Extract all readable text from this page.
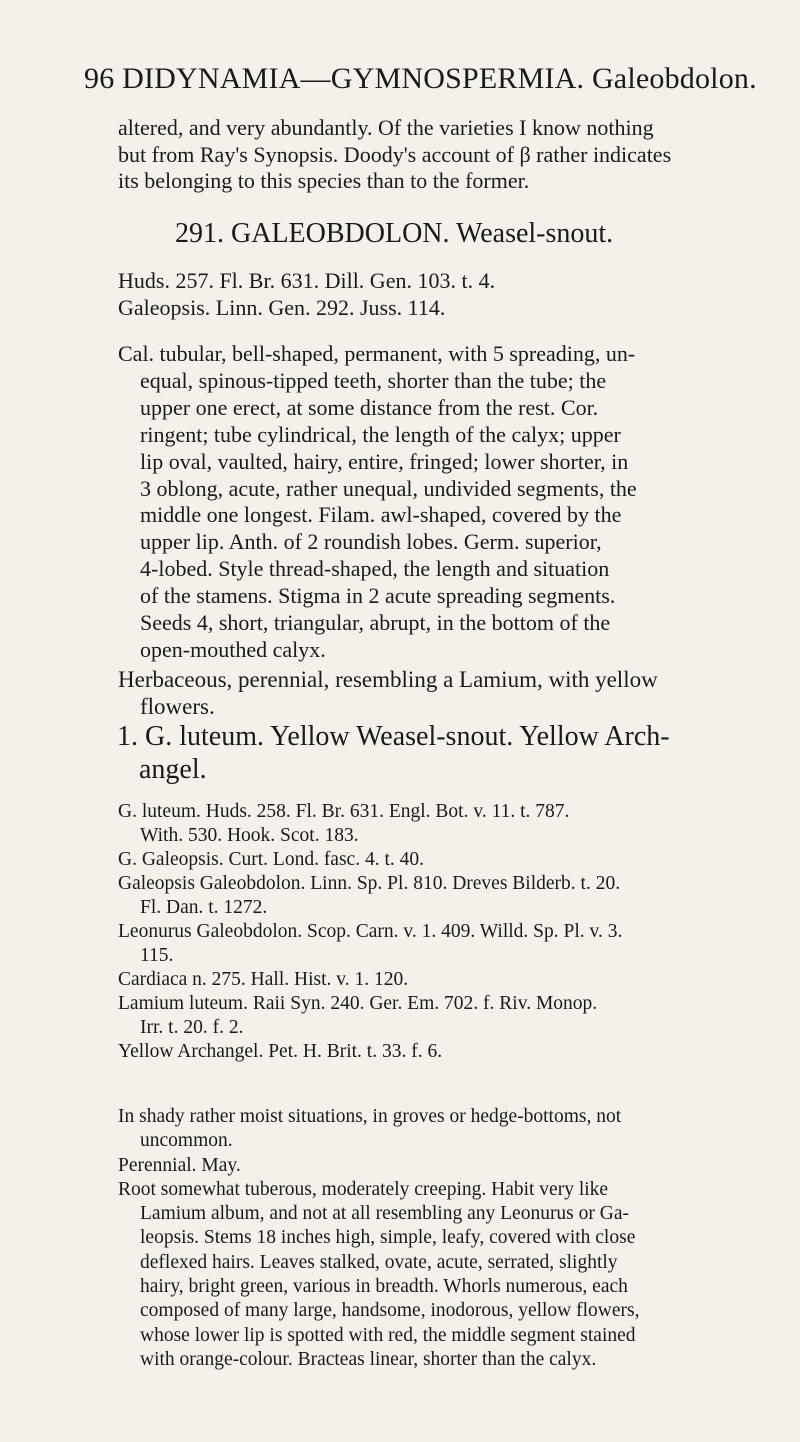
96 DIDYNAMIA—GYMNOSPERMIA. Galeobdolon.
altered, and very abundantly. Of the varieties I know nothing
but from Ray's Synopsis. Doody's account of β rather indicates
its belonging to this species than to the former.
291. GALEOBDOLON. Weasel-snout.
Huds. 257. Fl. Br. 631. Dill. Gen. 103. t. 4.
Galeopsis. Linn. Gen. 292. Juss. 114.
Cal. tubular, bell-shaped, permanent, with 5 spreading, un-
equal, spinous-tipped teeth, shorter than the tube; the
upper one erect, at some distance from the rest. Cor.
ringent; tube cylindrical, the length of the calyx; upper
lip oval, vaulted, hairy, entire, fringed; lower shorter, in
3 oblong, acute, rather unequal, undivided segments, the
middle one longest. Filam. awl-shaped, covered by the
upper lip. Anth. of 2 roundish lobes. Germ. superior,
4-lobed. Style thread-shaped, the length and situation
of the stamens. Stigma in 2 acute spreading segments.
Seeds 4, short, triangular, abrupt, in the bottom of the
open-mouthed calyx.
Herbaceous, perennial, resembling a Lamium, with yellow
flowers.
1. G. luteum. Yellow Weasel-snout. Yellow Arch-
angel.
G. luteum. Huds. 258. Fl. Br. 631. Engl. Bot. v. 11. t. 787.
With. 530. Hook. Scot. 183.
G. Galeopsis. Curt. Lond. fasc. 4. t. 40.
Galeopsis Galeobdolon. Linn. Sp. Pl. 810. Dreves Bilderb. t. 20.
Fl. Dan. t. 1272.
Leonurus Galeobdolon. Scop. Carn. v. 1. 409. Willd. Sp. Pl. v. 3.
115.
Cardiaca n. 275. Hall. Hist. v. 1. 120.
Lamium luteum. Raii Syn. 240. Ger. Em. 702. f. Riv. Monop.
Irr. t. 20. f. 2.
Yellow Archangel. Pet. H. Brit. t. 33. f. 6.
In shady rather moist situations, in groves or hedge-bottoms, not
uncommon.
Perennial. May.
Root somewhat tuberous, moderately creeping. Habit very like
Lamium album, and not at all resembling any Leonurus or Ga-
leopsis. Stems 18 inches high, simple, leafy, covered with close
deflexed hairs. Leaves stalked, ovate, acute, serrated, slightly
hairy, bright green, various in breadth. Whorls numerous, each
composed of many large, handsome, inodorous, yellow flowers,
whose lower lip is spotted with red, the middle segment stained
with orange-colour. Bracteas linear, shorter than the calyx.
